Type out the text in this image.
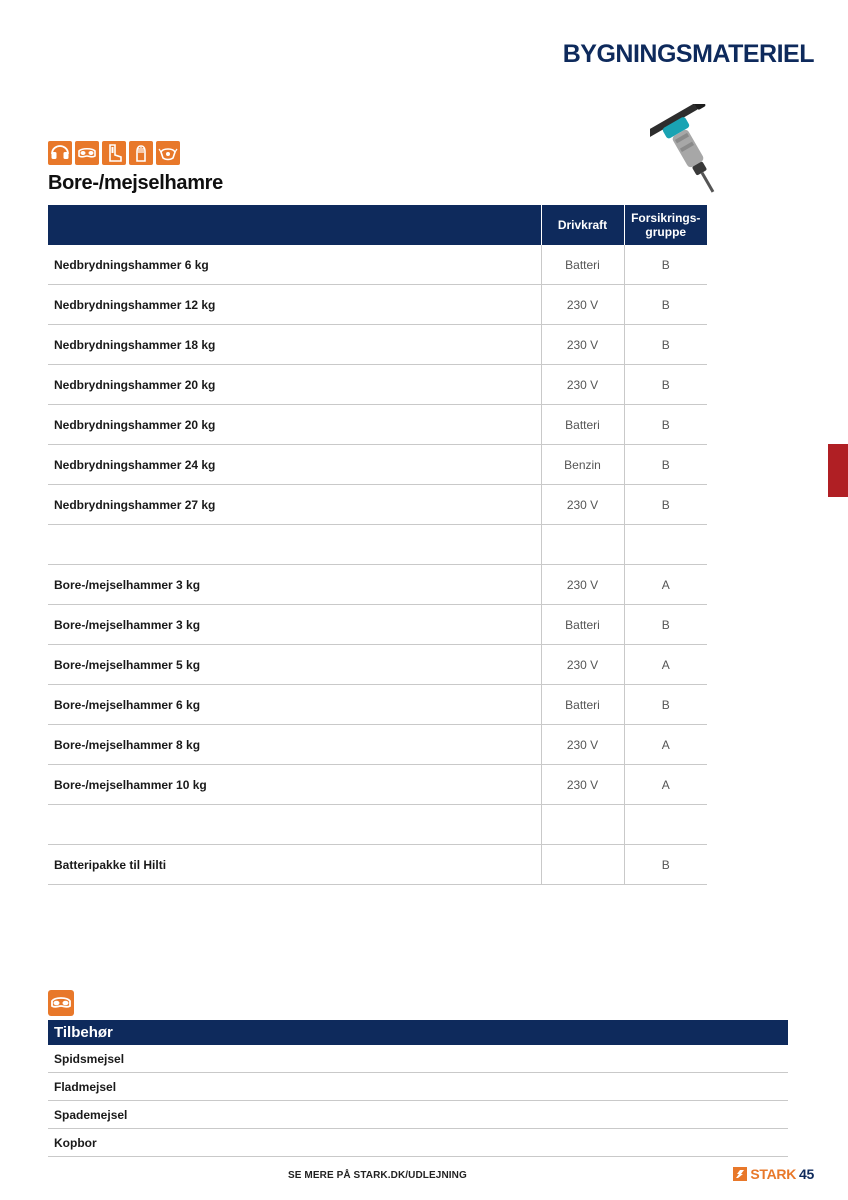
BYGNINGSMATERIEL
Bore-/mejselhamre
	Drivkraft	Forsikrings-
gruppe
Nedbrydningshammer 6 kg	Batteri	B
Nedbrydningshammer 12 kg	230 V	B
Nedbrydningshammer 18 kg	230 V	B
Nedbrydningshammer 20 kg	230 V	B
Nedbrydningshammer 20 kg	Batteri	B
Nedbrydningshammer 24 kg	Benzin	B
Nedbrydningshammer 27 kg	230 V	B

Bore-/mejselhammer 3 kg	230 V	A
Bore-/mejselhammer 3 kg	Batteri	B
Bore-/mejselhammer 5 kg	230 V	A
Bore-/mejselhammer 6 kg	Batteri	B
Bore-/mejselhammer 8 kg	230 V	A
Bore-/mejselhammer 10 kg	230 V	A

Batteripakke til Hilti		B
Tilbehør
Spidsmejsel
Fladmejsel
Spademejsel
Kopbor
SE MERE PÅ STARK.DK/UDLEJNING	STARK 45
